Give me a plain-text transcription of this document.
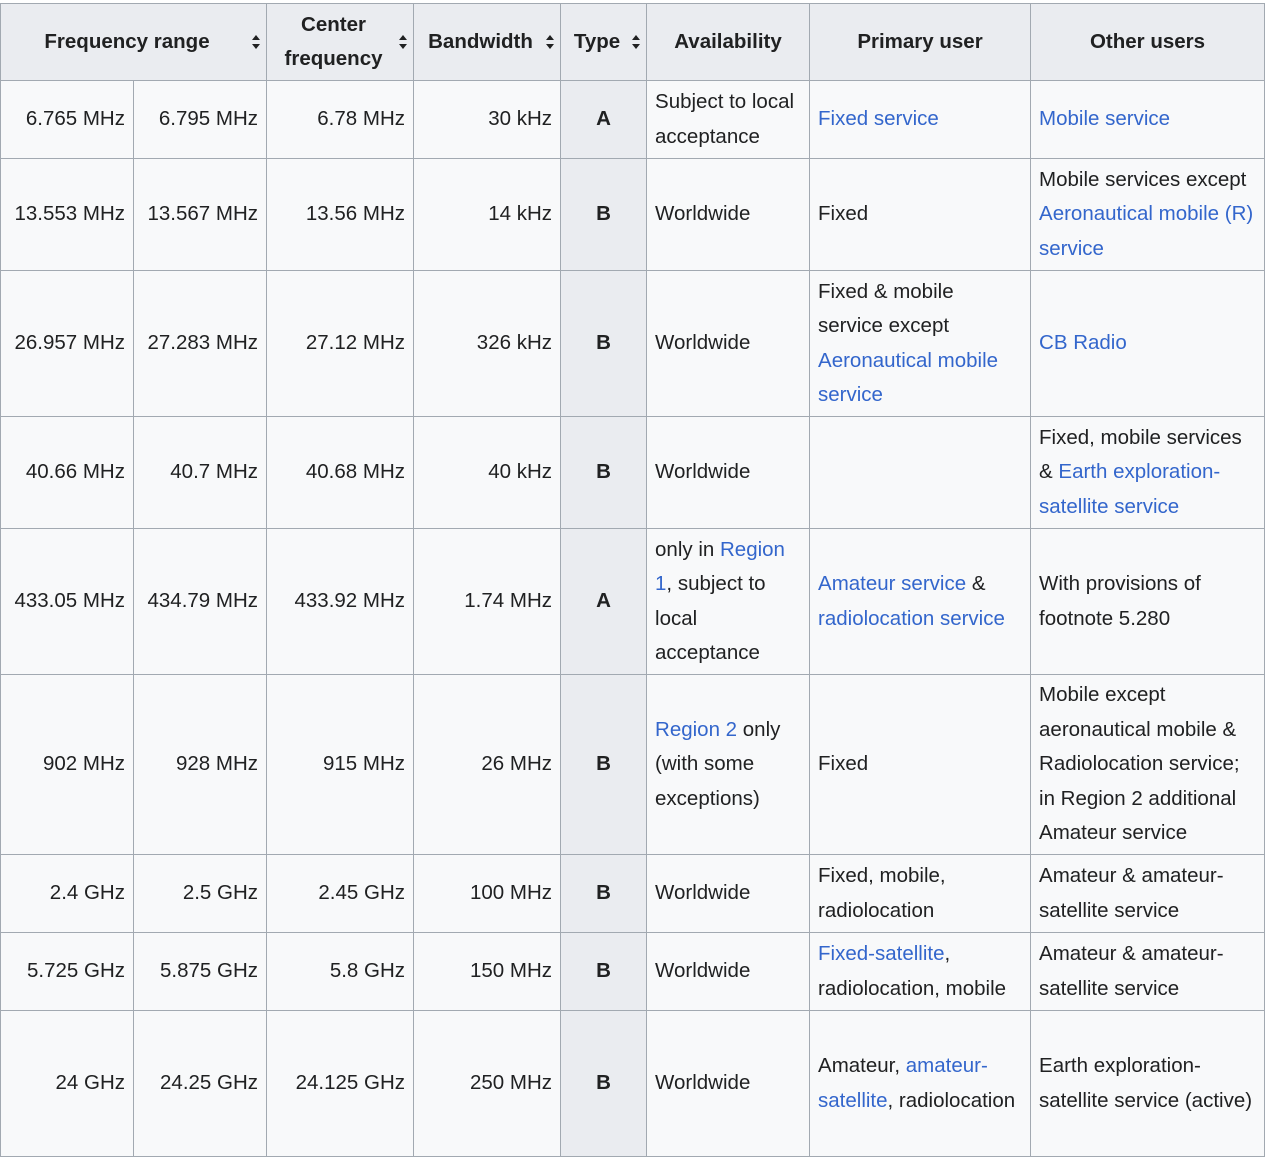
Frequency range		Center frequency	Bandwidth	Type	Availability	Primary user	Other users
6.765 MHz	6.795 MHz	6.78 MHz	30 kHz	A	Subject to local acceptance	Fixed service	Mobile service
13.553 MHz	13.567 MHz	13.56 MHz	14 kHz	B	Worldwide	Fixed	Mobile services except Aeronautical mobile (R) service
26.957 MHz	27.283 MHz	27.12 MHz	326 kHz	B	Worldwide	Fixed & mobile service except Aeronautical mobile service	CB Radio
40.66 MHz	40.7 MHz	40.68 MHz	40 kHz	B	Worldwide		Fixed, mobile services & Earth exploration-satellite service
433.05 MHz	434.79 MHz	433.92 MHz	1.74 MHz	A	only in Region 1, subject to local acceptance	Amateur service & radiolocation service	With provisions of footnote 5.280
902 MHz	928 MHz	915 MHz	26 MHz	B	Region 2 only (with some exceptions)	Fixed	Mobile except aeronautical mobile & Radiolocation service; in Region 2 additional Amateur service
2.4 GHz	2.5 GHz	2.45 GHz	100 MHz	B	Worldwide	Fixed, mobile, radiolocation	Amateur & amateur-satellite service
5.725 GHz	5.875 GHz	5.8 GHz	150 MHz	B	Worldwide	Fixed-satellite, radiolocation, mobile	Amateur & amateur-satellite service
24 GHz	24.25 GHz	24.125 GHz	250 MHz	B	Worldwide	Amateur, amateur-satellite, radiolocation	Earth exploration-satellite service (active)
